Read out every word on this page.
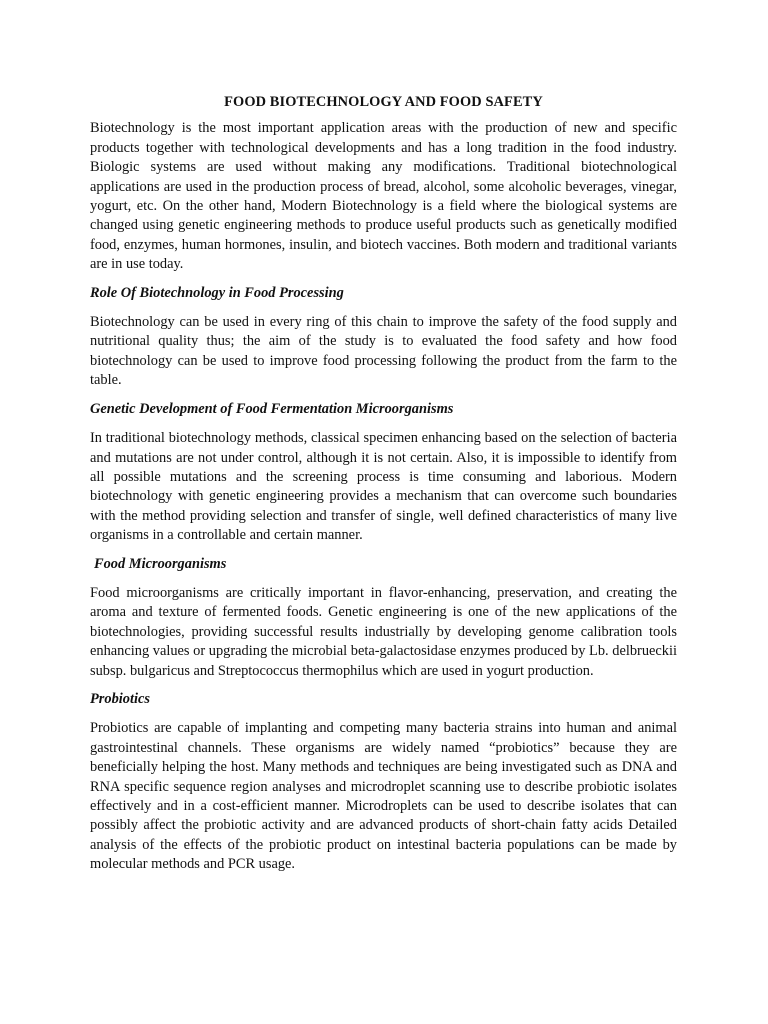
FOOD BIOTECHNOLOGY AND FOOD SAFETY

Biotechnology is the most important application areas with the production of new and specific products together with technological developments and has a long tradition in the food industry. Biologic systems are used without making any modifications. Traditional biotechnological applications are used in the production process of bread, alcohol, some alcoholic beverages, vinegar, yogurt, etc. On the other hand, Modern Biotechnology is a field where the biological systems are changed using genetic engineering methods to produce useful products such as genetically modified food, enzymes, human hormones, insulin, and biotech vaccines. Both modern and traditional variants are in use today.

Role Of Biotechnology in Food Processing

Biotechnology can be used in every ring of this chain to improve the safety of the food supply and nutritional quality thus; the aim of the study is to evaluated the food safety and how food biotechnology can be used to improve food processing following the product from the farm to the table.

Genetic Development of Food Fermentation Microorganisms

In traditional biotechnology methods, classical specimen enhancing based on the selection of bacteria and mutations are not under control, although it is not certain. Also, it is impossible to identify from all possible mutations and the screening process is time consuming and laborious. Modern biotechnology with genetic engineering provides a mechanism that can overcome such boundaries with the method providing selection and transfer of single, well defined characteristics of many live organisms in a controllable and certain manner.

Food Microorganisms

Food microorganisms are critically important in flavor-enhancing, preservation, and creating the aroma and texture of fermented foods. Genetic engineering is one of the new applications of the biotechnologies, providing successful results industrially by developing genome calibration tools enhancing values or upgrading the microbial beta-galactosidase enzymes produced by Lb. delbrueckii subsp. bulgaricus and Streptococcus thermophilus which are used in yogurt production.

Probiotics

Probiotics are capable of implanting and competing many bacteria strains into human and animal gastrointestinal channels. These organisms are widely named “probiotics” because they are beneficially helping the host. Many methods and techniques are being investigated such as DNA and RNA specific sequence region analyses and microdroplet scanning use to describe probiotic isolates effectively and in a cost-efficient manner. Microdroplets can be used to describe isolates that can possibly affect the probiotic activity and are advanced products of short-chain fatty acids Detailed analysis of the effects of the probiotic product on intestinal bacteria populations can be made by molecular methods and PCR usage.
